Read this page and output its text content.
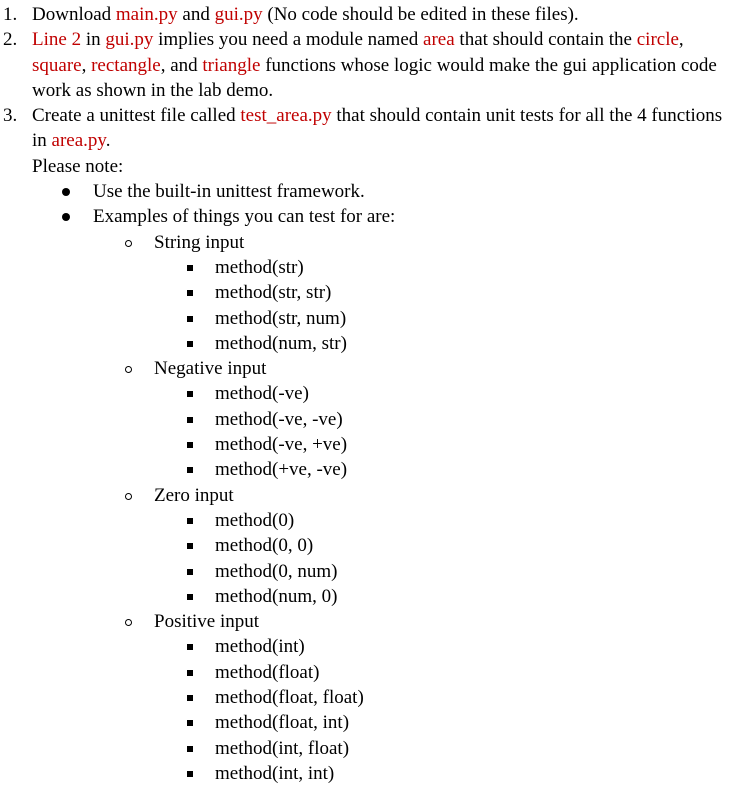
1. Download main.py and gui.py (No code should be edited in these files).
2. Line 2 in gui.py implies you need a module named area that should contain the circle, square, rectangle, and triangle functions whose logic would make the gui application code work as shown in the lab demo.
3. Create a unittest file called test_area.py that should contain unit tests for all the 4 functions in area.py.
Please note:
Use the built-in unittest framework.
Examples of things you can test for are:
String input
method(str)
method(str, str)
method(str, num)
method(num, str)
Negative input
method(-ve)
method(-ve, -ve)
method(-ve, +ve)
method(+ve, -ve)
Zero input
method(0)
method(0, 0)
method(0, num)
method(num, 0)
Positive input
method(int)
method(float)
method(float, float)
method(float, int)
method(int, float)
method(int, int)
